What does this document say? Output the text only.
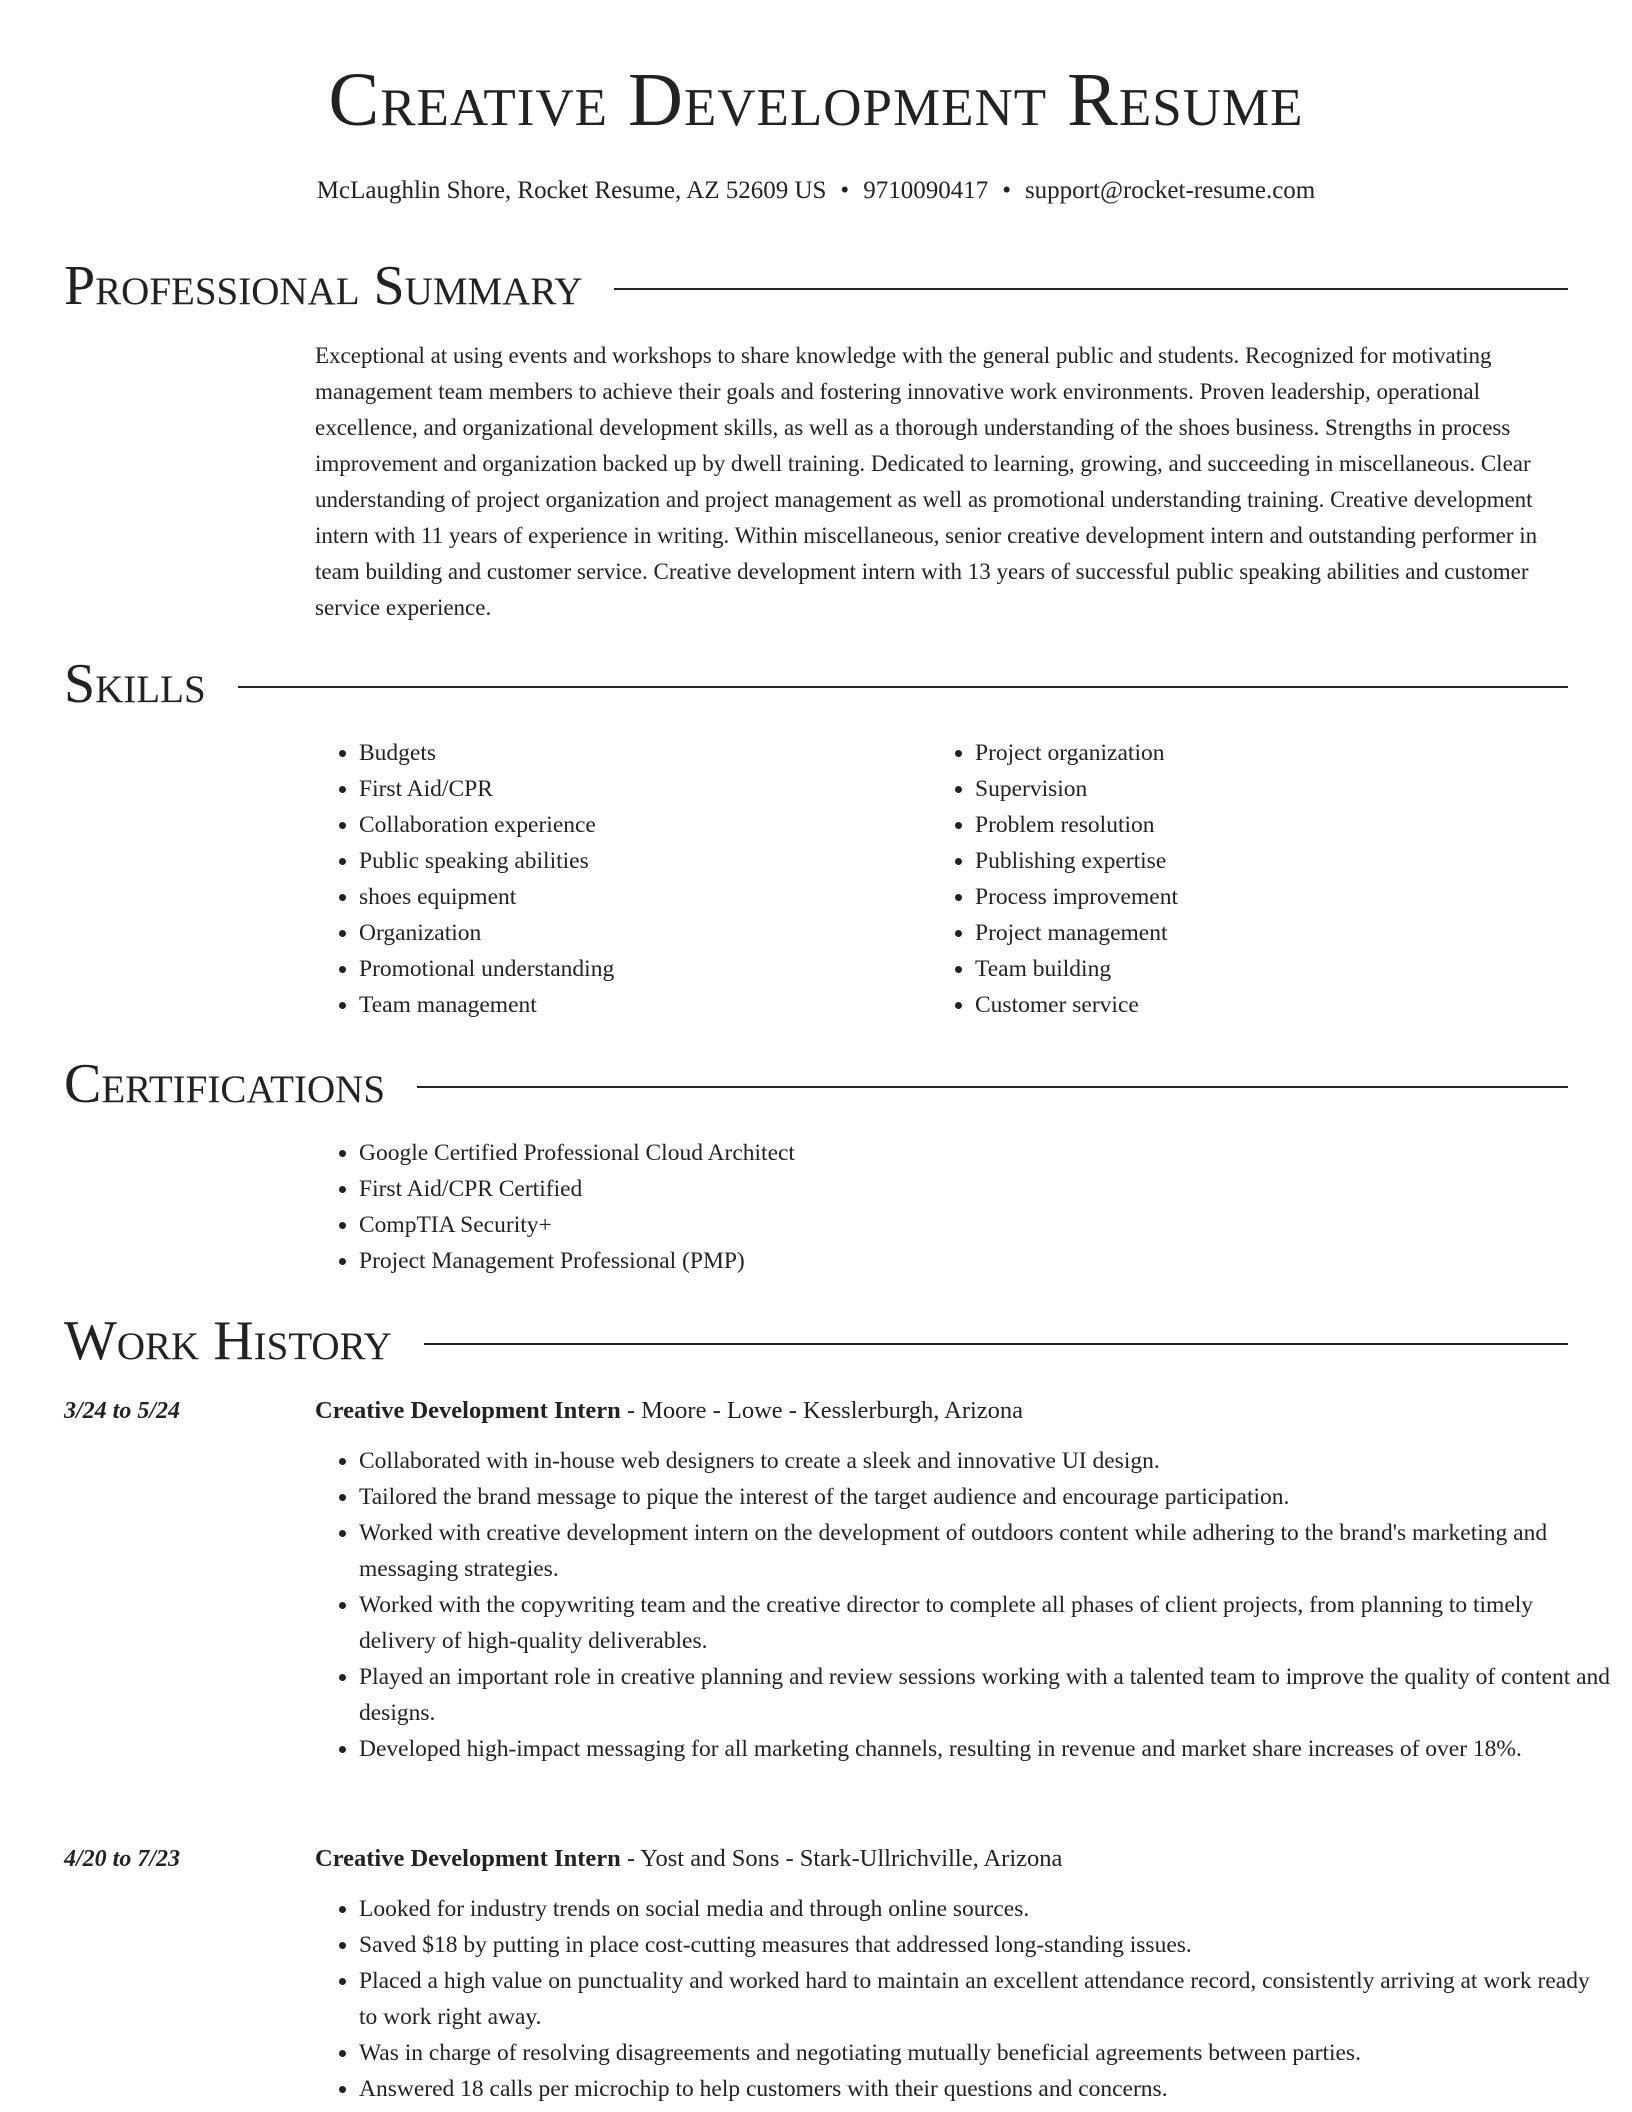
Creative Development Resume
McLaughlin Shore, Rocket Resume, AZ 52609 US • 9710090417 • support@rocket-resume.com
Professional Summary

Exceptional at using events and workshops to share knowledge with the general public and students. Recognized for motivating management team members to achieve their goals and fostering innovative work environments. Proven leadership, operational excellence, and organizational development skills, as well as a thorough understanding of the shoes business. Strengths in process improvement and organization backed up by dwell training. Dedicated to learning, growing, and succeeding in miscellaneous. Clear understanding of project organization and project management as well as promotional understanding training. Creative development intern with 11 years of experience in writing. Within miscellaneous, senior creative development intern and outstanding performer in team building and customer service. Creative development intern with 13 years of successful public speaking abilities and customer service experience.

Skills
• Budgets
• First Aid/CPR
• Collaboration experience
• Public speaking abilities
• shoes equipment
• Organization
• Promotional understanding
• Team management
• Project organization
• Supervision
• Problem resolution
• Publishing expertise
• Process improvement
• Project management
• Team building
• Customer service
Certifications
• Google Certified Professional Cloud Architect
• First Aid/CPR Certified
• CompTIA Security+
• Project Management Professional (PMP)
Work History
3/24 to 5/24	Creative Development Intern - Moore - Lowe - Kesslerburgh, Arizona
• Collaborated with in-house web designers to create a sleek and innovative UI design.
• Tailored the brand message to pique the interest of the target audience and encourage participation.
• Worked with creative development intern on the development of outdoors content while adhering to the brand's marketing and messaging strategies.
• Worked with the copywriting team and the creative director to complete all phases of client projects, from planning to timely delivery of high-quality deliverables.
• Played an important role in creative planning and review sessions working with a talented team to improve the quality of content and designs.
• Developed high-impact messaging for all marketing channels, resulting in revenue and market share increases of over 18%.
4/20 to 7/23	Creative Development Intern - Yost and Sons - Stark-Ullrichville, Arizona
• Looked for industry trends on social media and through online sources.
• Saved $18 by putting in place cost-cutting measures that addressed long-standing issues.
• Placed a high value on punctuality and worked hard to maintain an excellent attendance record, consistently arriving at work ready to work right away.
• Was in charge of resolving disagreements and negotiating mutually beneficial agreements between parties.
• Answered 18 calls per microchip to help customers with their questions and concerns.
